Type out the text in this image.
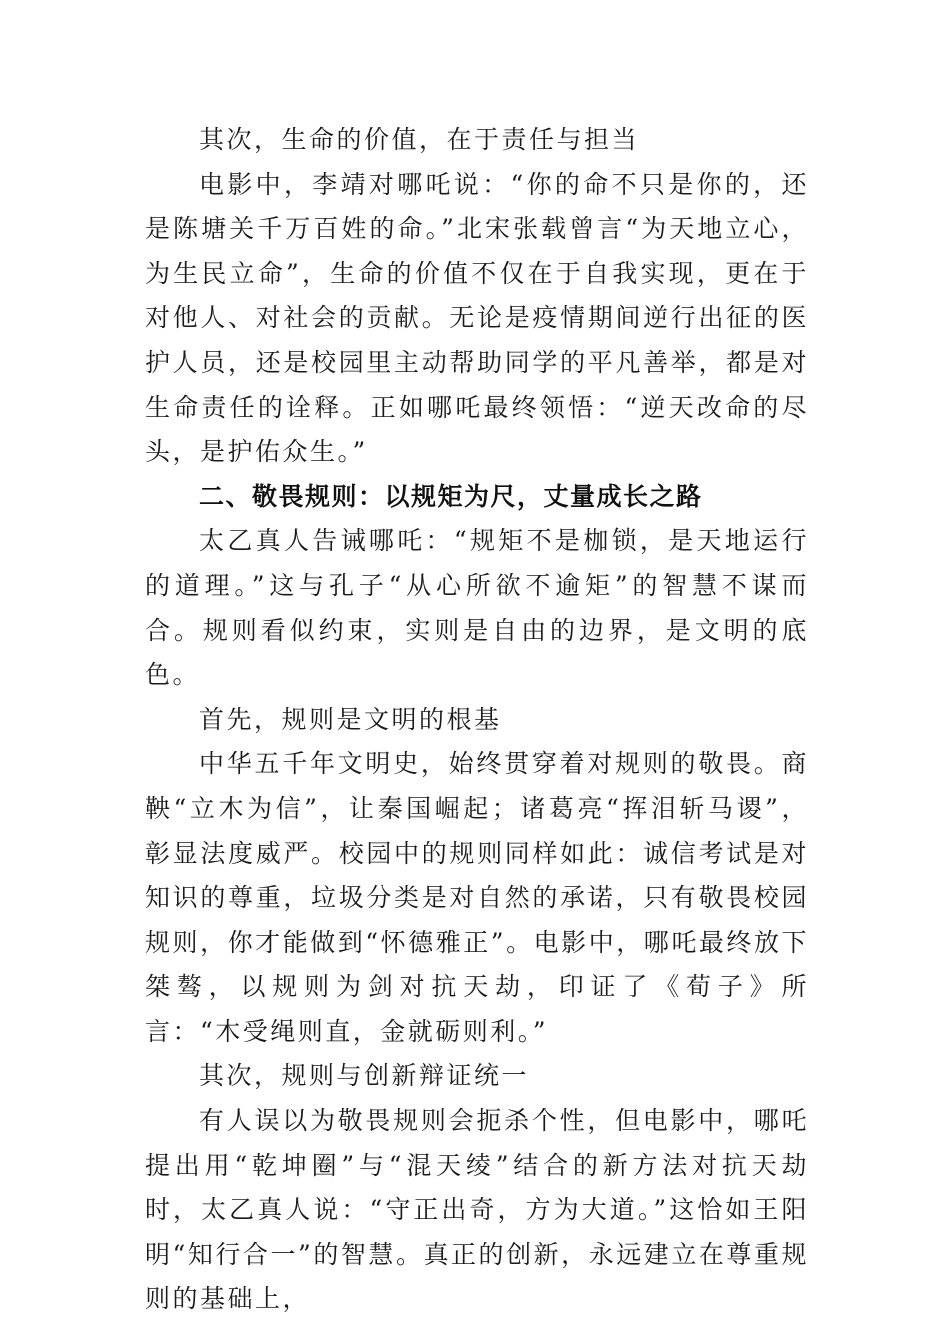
其次，生命的价值，在于责任与担当

电影中，李靖对哪吒说：“你的命不只是你的，还是陈塘关千万百姓的命。”北宋张载曾言“为天地立心，为生民立命”，生命的价值不仅在于自我实现，更在于对他人、对社会的贡献。无论是疫情期间逆行出征的医护人员，还是校园里主动帮助同学的平凡善举，都是对生命责任的诠释。正如哪吒最终领悟：“逆天改命的尽头，是护佑众生。”

二、敬畏规则：以规矩为尺，丈量成长之路

太乙真人告诫哪吒：“规矩不是枷锁，是天地运行的道理。”这与孔子“从心所欲不逾矩”的智慧不谋而合。规则看似约束，实则是自由的边界，是文明的底色。

首先，规则是文明的根基

中华五千年文明史，始终贯穿着对规则的敬畏。商鞅“立木为信”，让秦国崛起；诸葛亮“挥泪斩马谡”，彰显法度威严。校园中的规则同样如此：诚信考试是对知识的尊重，垃圾分类是对自然的承诺，只有敬畏校园规则，你才能做到“怀德雅正”。电影中，哪吒最终放下桀骜，以规则为剑对抗天劫，印证了《荀子》所言：“木受绳则直，金就砺则利。”

其次，规则与创新辩证统一

有人误以为敬畏规则会扼杀个性，但电影中，哪吒提出用“乾坤圈”与“混天绫”结合的新方法对抗天劫时，太乙真人说：“守正出奇，方为大道。”这恰如王阳明“知行合一”的智慧。真正的创新，永远建立在尊重规则的基础上，
